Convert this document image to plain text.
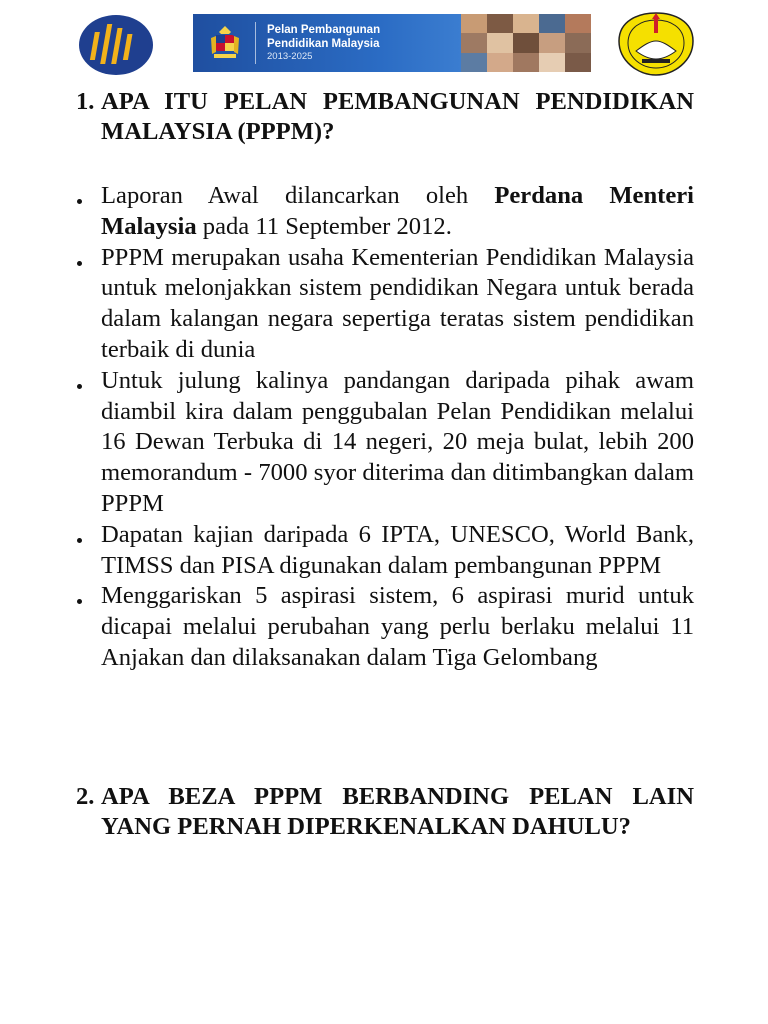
Pelan Pembangunan
Pendidikan Malaysia
2013-2025
1. APA ITU PELAN PEMBANGUNAN PENDIDIKAN MALAYSIA (PPPM)?
Laporan Awal dilancarkan oleh Perdana Menteri Malaysia pada 11 September 2012.
PPPM merupakan usaha Kementerian Pendidikan Malaysia untuk melonjakkan sistem pendidikan Negara untuk berada dalam kalangan negara sepertiga teratas sistem pendidikan terbaik di dunia
Untuk julung kalinya pandangan daripada pihak awam diambil kira dalam penggubalan Pelan Pendidikan melalui 16 Dewan Terbuka di 14 negeri, 20 meja bulat, lebih 200 memorandum - 7000 syor diterima dan ditimbangkan dalam PPPM
Dapatan kajian daripada 6 IPTA, UNESCO, World Bank, TIMSS dan PISA digunakan dalam pembangunan PPPM
Menggariskan 5 aspirasi sistem, 6 aspirasi murid untuk dicapai melalui perubahan yang perlu berlaku melalui 11 Anjakan dan dilaksanakan dalam Tiga Gelombang
2. APA BEZA PPPM BERBANDING PELAN LAIN YANG PERNAH DIPERKENALKAN DAHULU?
